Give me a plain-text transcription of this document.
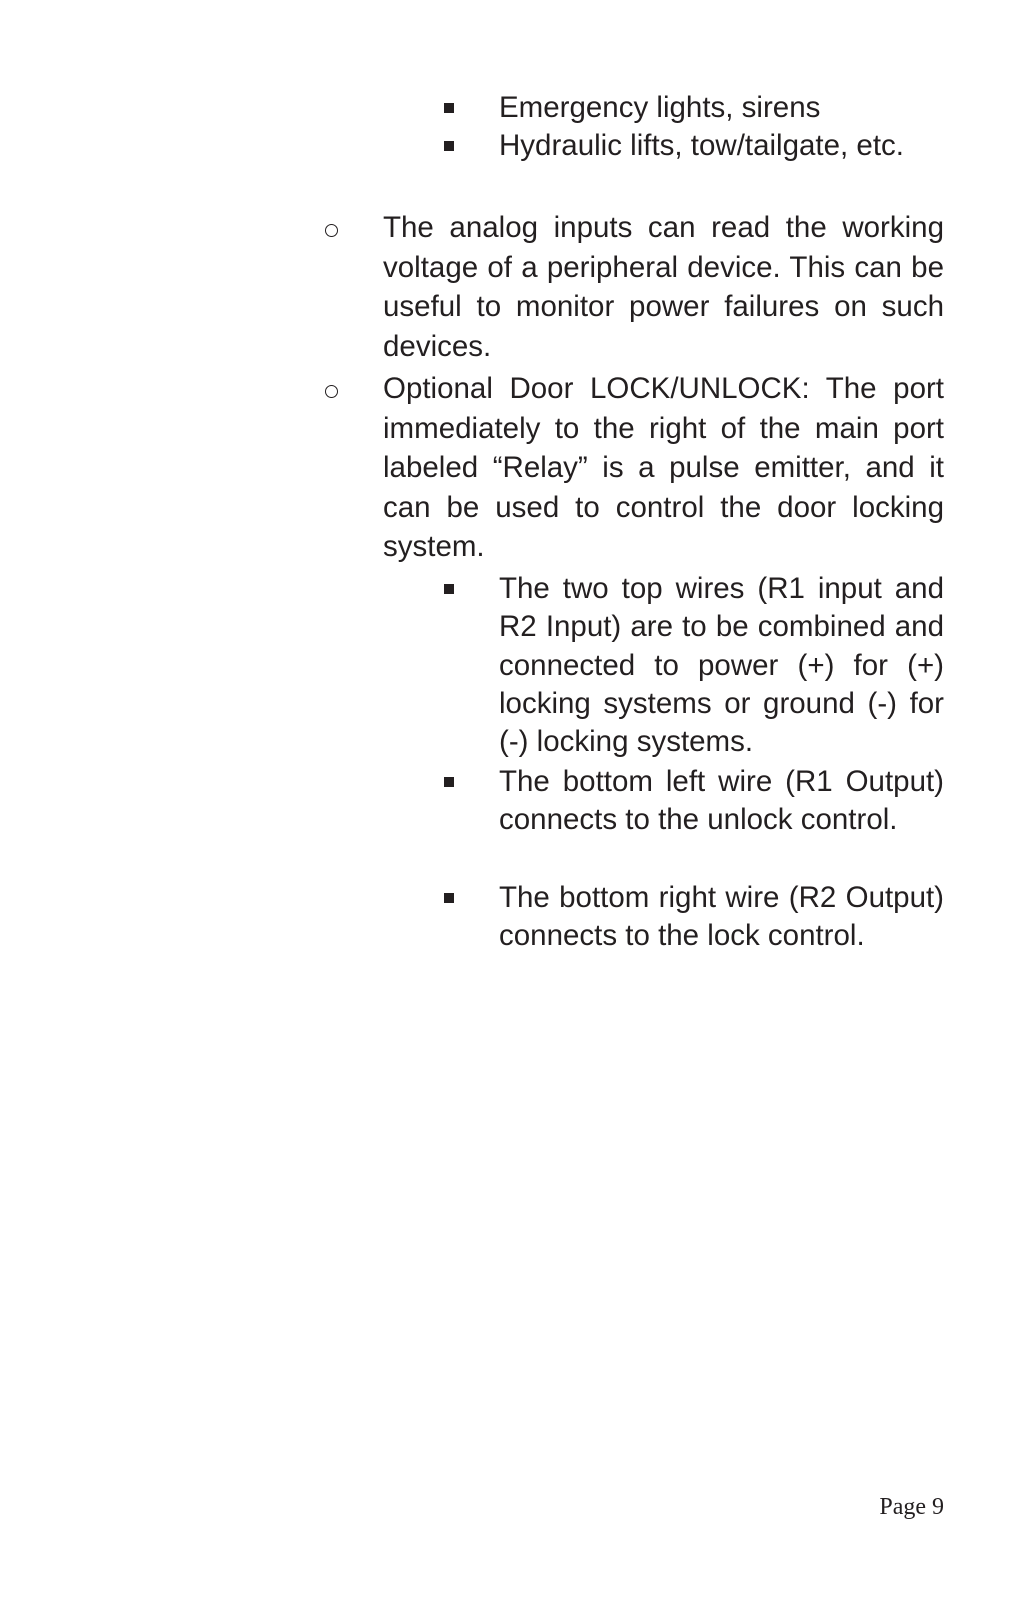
Emergency lights, sirens
Hydraulic lifts, tow/tailgate, etc.
The analog inputs can read the working voltage of a peripheral device. This can be useful to monitor power failures on such devices.
Optional Door LOCK/UNLOCK: The port immediately to the right of the main port labeled “Relay” is a pulse emitter, and it can be used to control the door locking system.
The two top wires (R1 input and R2 Input) are to be combined and connected to power (+) for (+) locking systems or ground (-) for (-) locking systems.
The bottom left wire (R1 Output) connects to the unlock control.
The bottom right wire (R2 Output) connects to the lock control.
Page 9
